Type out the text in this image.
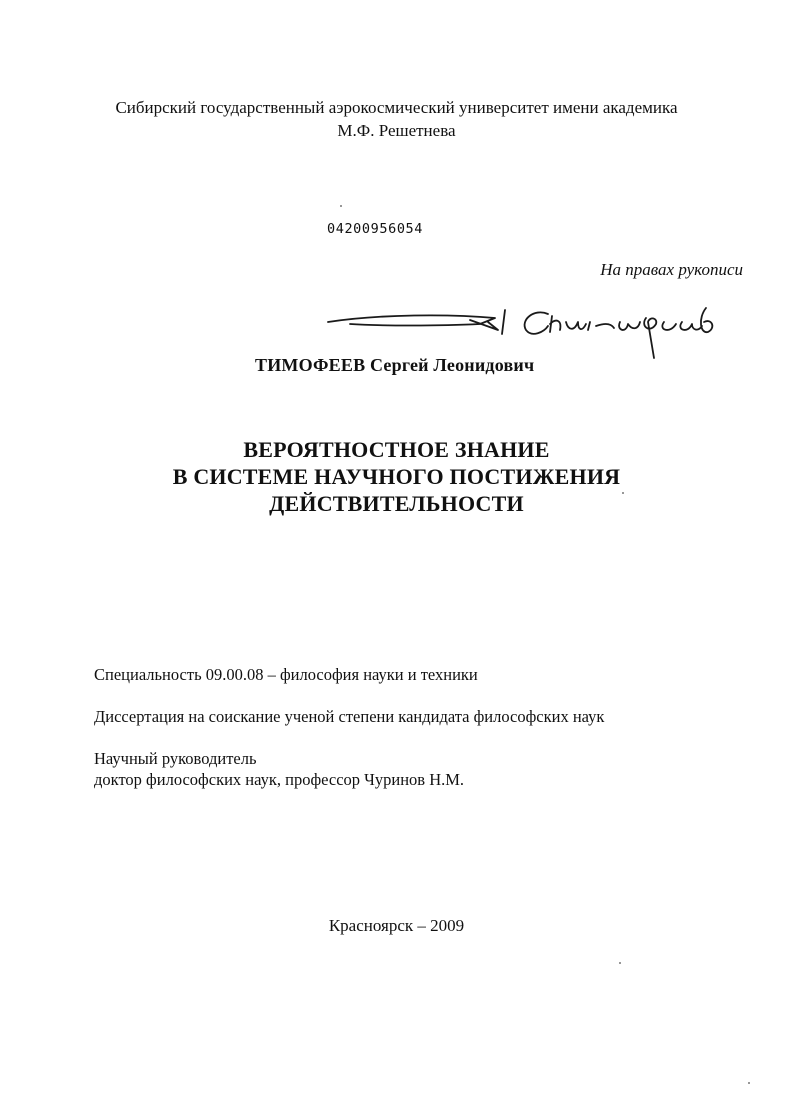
Сибирский государственный аэрокосмический университет имени академика
М.Ф. Решетнева
04200956054
На правах рукописи
ТИМОФЕЕВ Сергей Леонидович
ВЕРОЯТНОСТНОЕ ЗНАНИЕ
В СИСТЕМЕ НАУЧНОГО ПОСТИЖЕНИЯ
ДЕЙСТВИТЕЛЬНОСТИ
Специальность 09.00.08 – философия науки и техники
Диссертация на соискание ученой степени кандидата философских наук
Научный руководитель
доктор философских наук, профессор Чуринов Н.М.
Красноярск – 2009
